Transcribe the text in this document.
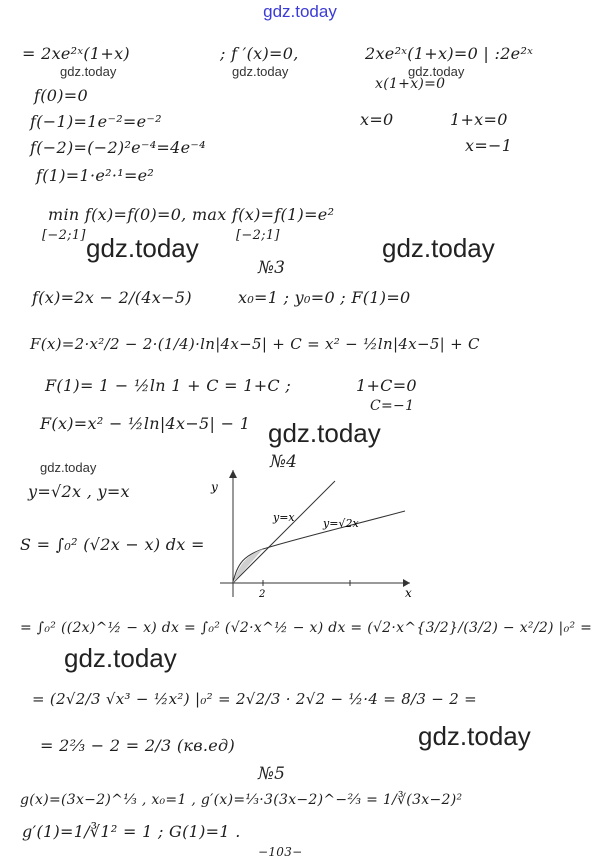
gdz.today
= 2xe²ˣ(1+x)	; f ′(x)=0,	2xe²ˣ(1+x)=0 | :2e²ˣ
x(1+x)=0
f(0)=0
f(−1)=1e⁻²=e⁻²	x=0	1+x=0
f(−2)=(−2)²e⁻⁴=4e⁻⁴	x=−1
f(1)=1·e²·¹=e²
min f(x)=f(0)=0, max f(x)=f(1)=e²
[−2;1]	[−2;1]
№3
f(x)=2x − 2/(4x−5)	x₀=1 ; y₀=0 ; F(1)=0
F(x)=2·x²/2 − 2·(1/4)·ln|4x−5| + C = x² − ½ln|4x−5| + C
F(1)= 1 − ½ln 1 + C = 1+C ;	1+C=0
C=−1
F(x)=x² − ½ln|4x−5| − 1
№4
y=√2x , y=x
S = ∫₀² (√2x − x) dx =
y
x
y=x	y=√2x
2
= ∫₀² ((2x)^½ − x) dx = ∫₀² (√2·x^½ − x) dx = (√2·x^{3/2}/(3/2) − x²/2) |₀² =
= (2√2/3 √x³ − ½x²) |₀² = 2√2/3 · 2√2 − ½·4 = 8/3 − 2 =
= 2⅔ − 2 = 2/3 (кв.ед)
№5
g(x)=(3x−2)^⅓ , x₀=1 , g′(x)=⅓·3(3x−2)^−⅔ = 1/∛(3x−2)²
g′(1)=1/∛1² = 1 ; G(1)=1 .
−103−
gdz.today	gdz.today	gdz.today
gdz.today
gdz.today	gdz.today
gdz.today
gdz.today
gdz.today
